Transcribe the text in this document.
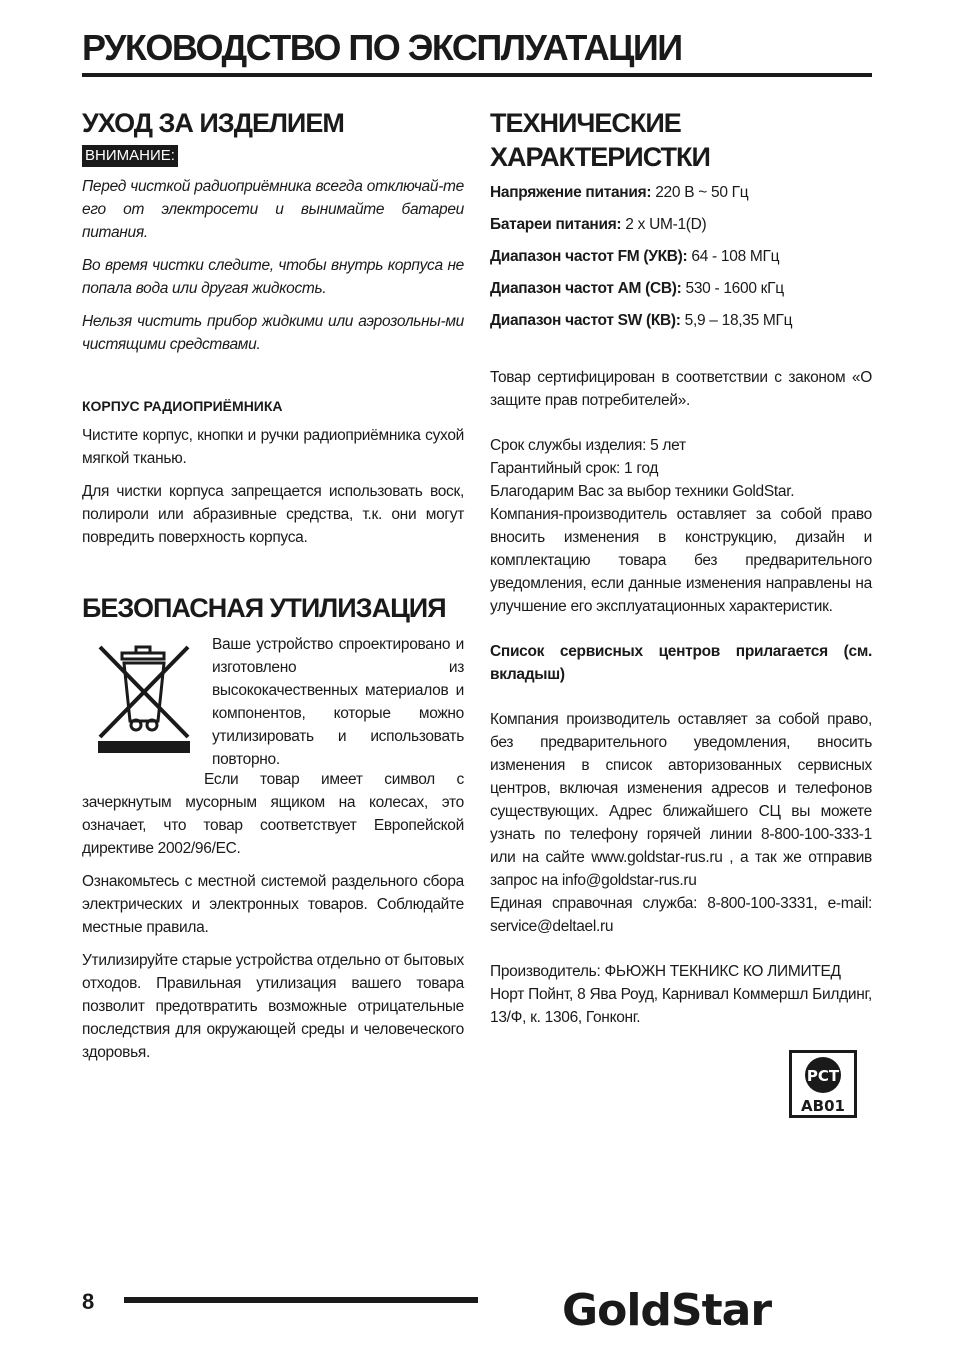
РУКОВОДСТВО ПО ЭКСПЛУАТАЦИИ
УХОД ЗА ИЗДЕЛИЕМ
ВНИМАНИЕ:

Перед чисткой радиоприёмника всегда отключай-те его от электросети и вынимайте батареи питания.

Во время чистки следите, чтобы внутрь корпуса не попала вода или другая жидкость.

Нельзя чистить прибор жидкими или аэрозольны-ми чистящими средствами.

КОРПУС РАДИОПРИЁМНИКА

Чистите корпус, кнопки и ручки радиоприёмника сухой мягкой тканью.

Для чистки корпуса запрещается использовать воск, полироли или абразивные средства, т.к. они могут повредить поверхность корпуса.

БЕЗОПАСНАЯ УТИЛИЗАЦИЯ

Ваше устройство спроектировано и изготовлено из высококачественных материалов и компонентов, которые можно утилизировать и использовать повторно.

Если товар имеет символ с зачеркнутым мусорным ящиком на колесах, это означает, что товар соответствует Европейской директиве 2002/96/EC.

Ознакомьтесь с местной системой раздельного сбора электрических и электронных товаров. Соблюдайте местные правила.

Утилизируйте старые устройства отдельно от бытовых отходов. Правильная утилизация вашего товара позволит предотвратить возможные отрицательные последствия для окружающей среды и человеческого здоровья.

ТЕХНИЧЕСКИЕ ХАРАКТЕРИСТКИ
Напряжение питания: 220 В ~ 50 Гц
Батареи питания: 2 x UM-1(D)
Диапазон частот FM (УКВ): 64 - 108 МГц
Диапазон частот AM (СВ): 530 - 1600 кГц
Диапазон частот SW (КВ): 5,9 – 18,35 МГц

Товар сертифицирован в соответствии с законом «О защите прав потребителей».

Срок службы изделия: 5 лет

Гарантийный срок: 1 год

Благодарим Вас за выбор техники GoldStar.

Компания-производитель оставляет за собой право вносить изменения в конструкцию, дизайн и комплектацию товара без предварительного уведомления, если данные изменения направлены на улучшение его эксплуатационных характеристик.

Список сервисных центров прилагается (см. вкладыш)

Компания производитель оставляет за собой право, без предварительного уведомления, вносить изменения в список авторизованных сервисных центров, включая изменения адресов и телефонов существующих. Адрес ближайшего СЦ вы можете узнать по телефону горячей линии 8-800-100-333-1 или на сайте www.goldstar-rus.ru , а так же отправив запрос на info@goldstar-rus.ru

Единая справочная служба: 8-800-100-3331, e-mail: service@deltael.ru

Производитель: ФЬЮЖН ТЕКНИКС КО ЛИМИТЕД

Норт Пойнт, 8 Ява Роуд, Карнивал Коммершл Билдинг, 13/Ф, к. 1306, Гонконг.

РСТ
АВ01
8	GoldStar
